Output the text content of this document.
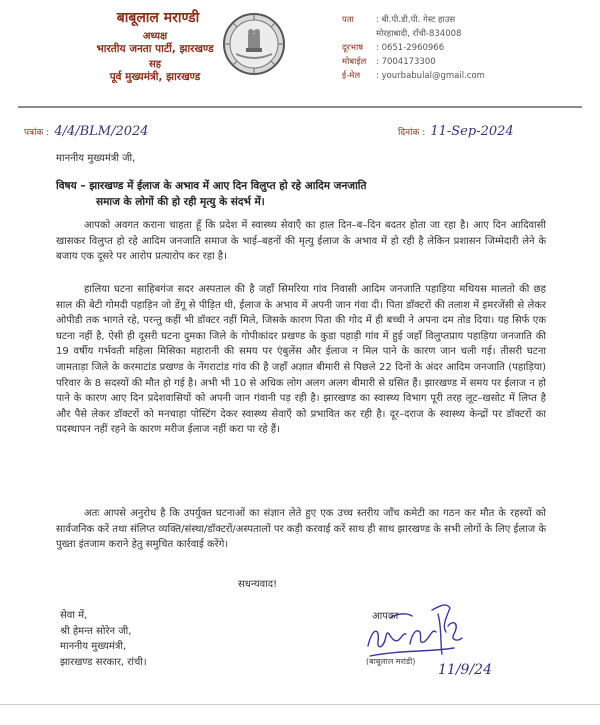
बाबूलाल मराण्डी
अध्यक्ष
भारतीय जनता पार्टी, झारखण्ड
सह
पूर्व मुख्यमंत्री, झारखण्ड
पता	: बी.पी.डी.पी. गेस्ट हाउस
मोरहाबादी, राँची-834008
दूरभाष : 0651-2960966
मोबाईल : 7004173300
ई-मेल : yourbabulal@gmail.com
पत्रांक : 4/4/BLM/2024	दिनांक : 11-Sep-2024
माननीय मुख्यमंत्री जी,
विषय – झारखण्ड में ईलाज के अभाव में आए दिन विलुप्त हो रहे आदिम जनजाति
समाज के लोगों की हो रही मृत्यु के संदर्भ में।
आपको अवगत कराना चाहता हूँ कि प्रदेश में स्वास्थ्य सेवाएँ का हाल दिन–ब–दिन बदतर होता जा रहा है। आए दिन आदिवासी खासकर विलुप्त हो रहे आदिम जनजाति समाज के भाई–बहनों की मृत्यु ईलाज के अभाव में हो रही है लेकिन प्रशासन जिम्मेदारी लेने के बजाय एक दूसरे पर आरोप प्रत्यारोप कर रहा है।
हालिया घटना साहिबगंज सदर अस्पताल की है जहाँ सिमरिया गांव निवासी आदिम जनजाति पहाड़िया मथियस मालतो की छह साल की बेटी गोमदी पहाड़िन जो डेंगू से पीड़ित थी, ईलाज के अभाव में अपनी जान गंवा दी। पिता डॉक्टरों की तलाश में इमरजेंसी से लेकर ओपीडी तक भागते रहे, परन्तु कहीं भी डॉक्टर नहीं मिले, जिसके कारण पिता की गोद में ही बच्ची ने अपना दम तोड दिया। यह सिर्फ एक घटना नहीं है, ऐसी ही दूसरी घटना दुमका जिले के गोपीकांदर प्रखण्ड के कुडा पहाड़ी गांव में हुई जहाँ विलुप्तप्राय पहाड़िया जनजाति की 19 वर्षीय गर्भवती महिला मिसिका महारानी की समय पर एंबुलेंस और ईलाज न मिल पाने के कारण जान चली गई। तीसरी घटना जामताड़ा जिले के करमाटांड प्रखण्ड के नेंगराटांड गांव की है जहाँ अज्ञात बीमारी से पिछले 22 दिनों के अंदर आदिम जनजाति (पहाड़िया) परिवार के 8 सदस्यों की मौत हो गई है। अभी भी 10 से अधिक लोग अलग अलग बीमारी से ग्रसित हैं। झारखण्ड में समय पर ईलाज न हो पाने के कारण आए दिन प्रदेशवासियों को अपनी जान गंवानी पड़ रही है। झारखण्ड का स्वास्थ्य विभाग पूरी तरह लूट–खसोट में लिप्त है और पैसे लेकर डॉक्टरों को मनचाहा पोस्टिंग देकर स्वास्थ्य सेवाएँ को प्रभावित कर रही है। दूर–दराज के स्वास्थ्य केन्द्रों पर डॉक्टरों का पदस्थापन नहीं रहने के कारण मरीज ईलाज नहीं करा पा रहे हैं।
अतः आपसे अनुरोध है कि उपर्युक्त घटनाओं का संज्ञान लेते हुए एक उच्च स्तरीय जाँच कमेटी का गठन कर मौत के रहस्यों को सार्वजनिक करें तथा संलिप्त व्यक्ति/संस्था/डॉक्टरों/अस्पतालों पर कड़ी करवाई करें साथ ही साथ झारखण्ड के सभी लोगों के लिए ईलाज के पुख्ता इंतजाम कराने हेतु समुचित कार्रवाई करेंगे।
सधन्यवाद!
सेवा में,
श्री हेमन्त सोरेन जी,
माननीय मुख्यमंत्री,
झारखण्ड सरकार, रांची।
आपका
(बाबूलाल मरांडी)
11/9/24
